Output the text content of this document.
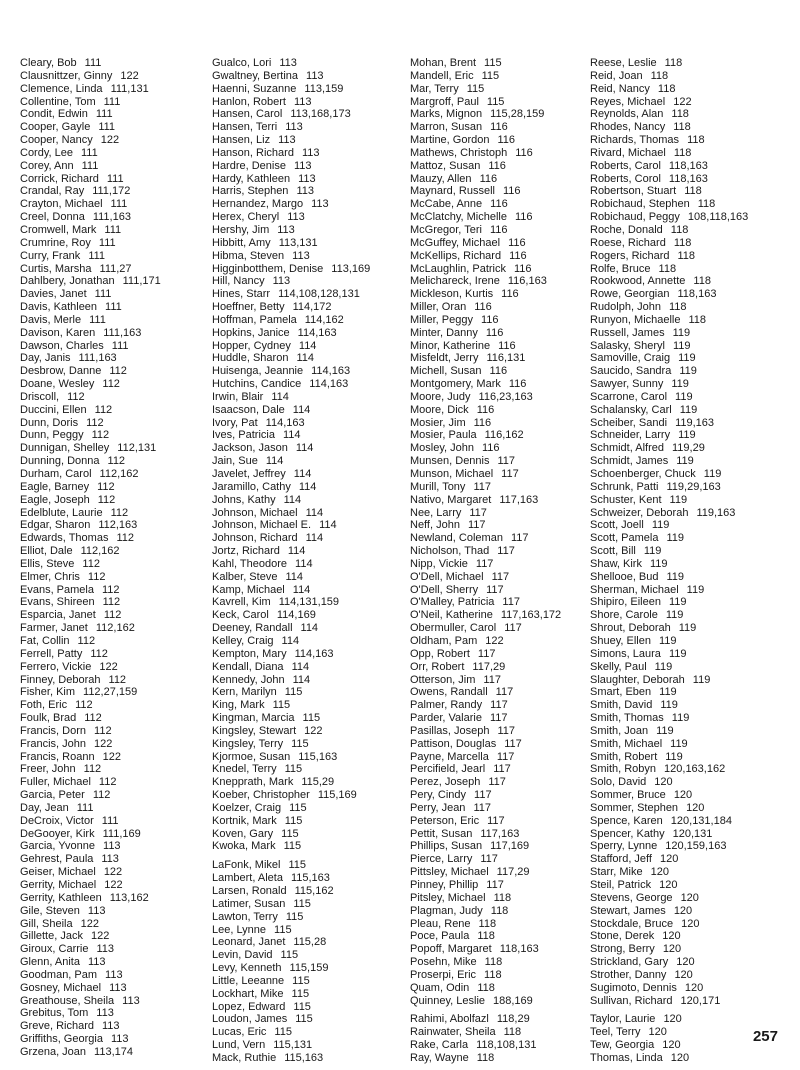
Cleary, Bob 111
Clausnittzer, Ginny 122
Clemence, Linda 111,131
Collentine, Tom 111
Condit, Edwin 111
Cooper, Gayle 111
Cooper, Nancy 122
Cordy, Lee 111
Corey, Ann 111
Corrick, Richard 111
Crandal, Ray 111,172
Crayton, Michael 111
Creel, Donna 111,163
Cromwell, Mark 111
Crumrine, Roy 111
Curry, Frank 111
Curtis, Marsha 111,27
Dahlbery, Jonathan 111,171
Davies, Janet 111
Davis, Kathleen 111
Davis, Merle 111
Davison, Karen 111,163
Dawson, Charles 111
Day, Janis 111,163
Desbrow, Danne 112
Doane, Wesley 112
Driscoll, 112
Duccini, Ellen 112
Dunn, Doris 112
Dunn, Peggy 112
Dunnigan, Shelley 112,131
Dunning, Donna 112
Durham, Carol 112,162
Eagle, Barney 112
Eagle, Joseph 112
Edelblute, Laurie 112
Edgar, Sharon 112,163
Edwards, Thomas 112
Elliot, Dale 112,162
Ellis, Steve 112
Elmer, Chris 112
Evans, Pamela 112
Evans, Shireen 112
Esparcia, Janet 112
Farmer, Janet 112,162
Fat, Collin 112
Ferrell, Patty 112
Ferrero, Vickie 122
Finney, Deborah 112
Fisher, Kim 112,27,159
Foth, Eric 112
Foulk, Brad 112
Francis, Dorn 112
Francis, John 122
Francis, Roann 122
Freer, John 112
Fuller, Michael 112
Garcia, Peter 112
Day, Jean 111
DeCroix, Victor 111
DeGooyer, Kirk 111,169
Garcia, Yvonne 113
Gehrest, Paula 113
Geiser, Michael 122
Gerrity, Michael 122
Gerrity, Kathleen 113,162
Gile, Steven 113
Gill, Sheila 122
Gillette, Jack 122
Giroux, Carrie 113
Glenn, Anita 113
Goodman, Pam 113
Gosney, Michael 113
Greathouse, Sheila 113
Grebitus, Tom 113
Greve, Richard 113
Griffiths, Georgia 113
Grzena, Joan 113,174
Gualco, Lori 113
Gwaltney, Bertina 113
Haenni, Suzanne 113,159
Hanlon, Robert 113
Hansen, Carol 113,168,173
Hansen, Terri 113
Hansen, Liz 113
Hanson, Richard 113
Hardre, Denise 113
Hardy, Kathleen 113
Harris, Stephen 113
Hernandez, Margo 113
Herex, Cheryl 113
Hershy, Jim 113
Hibbitt, Amy 113,131
Hibma, Steven 113
Higginbotthem, Denise 113,169
Hill, Nancy 113
Hines, Starr 114,108,128,131
Hoeffner, Betty 114,172
Hoffman, Pamela 114,162
Hopkins, Janice 114,163
Hopper, Cydney 114
Huddle, Sharon 114
Huisenga, Jeannie 114,163
Hutchins, Candice 114,163
Irwin, Blair 114
Isaacson, Dale 114
Ivory, Pat 114,163
Ives, Patricia 114
Jackson, Jason 114
Jain, Sue 114
Javelet, Jeffrey 114
Jaramillo, Cathy 114
Johns, Kathy 114
Johnson, Michael 114
Johnson, Michael E. 114
Johnson, Richard 114
Jortz, Richard 114
Kahl, Theodore 114
Kalber, Steve 114
Kamp, Michael 114
Kavrell, Kim 114,131,159
Keck, Carol 114,169
Deeney, Randall 114
Kelley, Craig 114
Kempton, Mary 114,163
Kendall, Diana 114
Kennedy, John 114
Kern, Marilyn 115
King, Mark 115
Kingman, Marcia 115
Kingsley, Stewart 122
Kingsley, Terry 115
Kjormoe, Susan 115,163
Knedel, Terry 115
Knepprath, Mark 115,29
Koeber, Christopher 115,169
Koelzer, Craig 115
Kortnik, Mark 115
Koven, Gary 115
Kwoka, Mark 115
LaFonk, Mikel 115
Lambert, Aleta 115,163
Larsen, Ronald 115,162
Latimer, Susan 115
Lawton, Terry 115
Lee, Lynne 115
Leonard, Janet 115,28
Levin, David 115
Levy, Kenneth 115,159
Little, Leeanne 115
Lockhart, Mike 115
Lopez, Edward 115
Loudon, James 115
Lucas, Eric 115
Lund, Vern 115,131
Mack, Ruthie 115,163
Mohan, Brent 115
Mandell, Eric 115
Mar, Terry 115
Margroff, Paul 115
Marks, Mignon 115,28,159
Marron, Susan 116
Martine, Gordon 116
Mathews, Christoph 116
Mattoz, Susan 116
Mauzy, Allen 116
Maynard, Russell 116
McCabe, Anne 116
McClatchy, Michelle 116
McGregor, Teri 116
McGuffey, Michael 116
McKellips, Richard 116
McLaughlin, Patrick 116
Melichareck, Irene 116,163
Mickleson, Kurtis 116
Miller, Oran 116
Miller, Peggy 116
Minter, Danny 116
Minor, Katherine 116
Misfeldt, Jerry 116,131
Michell, Susan 116
Montgomery, Mark 116
Moore, Judy 116,23,163
Moore, Dick 116
Mosier, Jim 116
Mosier, Paula 116,162
Mosley, John 116
Munsen, Dennis 117
Munson, Michael 117
Murill, Tony 117
Nativo, Margaret 117,163
Nee, Larry 117
Neff, John 117
Newland, Coleman 117
Nicholson, Thad 117
Nipp, Vickie 117
O'Dell, Michael 117
O'Dell, Sherry 117
O'Malley, Patricia 117
O'Neil, Katherine 117,163,172
Obermuller, Carol 117
Oldham, Pam 122
Opp, Robert 117
Orr, Robert 117,29
Otterson, Jim 117
Owens, Randall 117
Palmer, Randy 117
Parder, Valarie 117
Pasillas, Joseph 117
Pattison, Douglas 117
Payne, Marcella 117
Percifield, Jearl 117
Perez, Joseph 117
Pery, Cindy 117
Perry, Jean 117
Peterson, Eric 117
Pettit, Susan 117,163
Phillips, Susan 117,169
Pierce, Larry 117
Pittsley, Michael 117,29
Pinney, Phillip 117
Pitsley, Michael 118
Plagman, Judy 118
Pleau, Rene 118
Poce, Paula 118
Popoff, Margaret 118,163
Posehn, Mike 118
Proserpi, Eric 118
Quam, Odin 118
Quinney, Leslie 188,169
Rahimi, Abolfazl 118,29
Rainwater, Sheila 118
Rake, Carla 118,108,131
Ray, Wayne 118
Reese, Leslie 118
Reid, Joan 118
Reid, Nancy 118
Reyes, Michael 122
Reynolds, Alan 118
Rhodes, Nancy 118
Richards, Thomas 118
Rivard, Michael 118
Roberts, Carol 118,163
Roberts, Corol 118,163
Robertson, Stuart 118
Robichaud, Stephen 118
Robichaud, Peggy 108,118,163
Roche, Donald 118
Roese, Richard 118
Rogers, Richard 118
Rolfe, Bruce 118
Rookwood, Annette 118
Rowe, Georgian 118,163
Rudolph, John 118
Runyon, Michaelle 118
Russell, James 119
Salasky, Sheryl 119
Samoville, Craig 119
Saucido, Sandra 119
Sawyer, Sunny 119
Scarrone, Carol 119
Schalansky, Carl 119
Scheiber, Sandi 119,163
Schneider, Larry 119
Schmidt, Alfred 119,29
Schmidt, James 119
Schoenberger, Chuck 119
Schrunk, Patti 119,29,163
Schuster, Kent 119
Schweizer, Deborah 119,163
Scott, Joell 119
Scott, Pamela 119
Scott, Bill 119
Shaw, Kirk 119
Shellooe, Bud 119
Sherman, Michael 119
Shipiro, Eileen 119
Shore, Carole 119
Shrout, Deborah 119
Shuey, Ellen 119
Simons, Laura 119
Skelly, Paul 119
Slaughter, Deborah 119
Smart, Eben 119
Smith, David 119
Smith, Thomas 119
Smith, Joan 119
Smith, Michael 119
Smith, Robert 119
Smith, Robyn 120,163,162
Solo, David 120
Sommer, Bruce 120
Sommer, Stephen 120
Spence, Karen 120,131,184
Spencer, Kathy 120,131
Sperry, Lynne 120,159,163
Stafford, Jeff 120
Starr, Mike 120
Steil, Patrick 120
Stevens, George 120
Stewart, James 120
Stockdale, Bruce 120
Stone, Derek 120
Strong, Berry 120
Strickland, Gary 120
Strother, Danny 120
Sugimoto, Dennis 120
Sullivan, Richard 120,171
Taylor, Laurie 120
Teel, Terry 120
Tew, Georgia 120
Thomas, Linda 120
257
